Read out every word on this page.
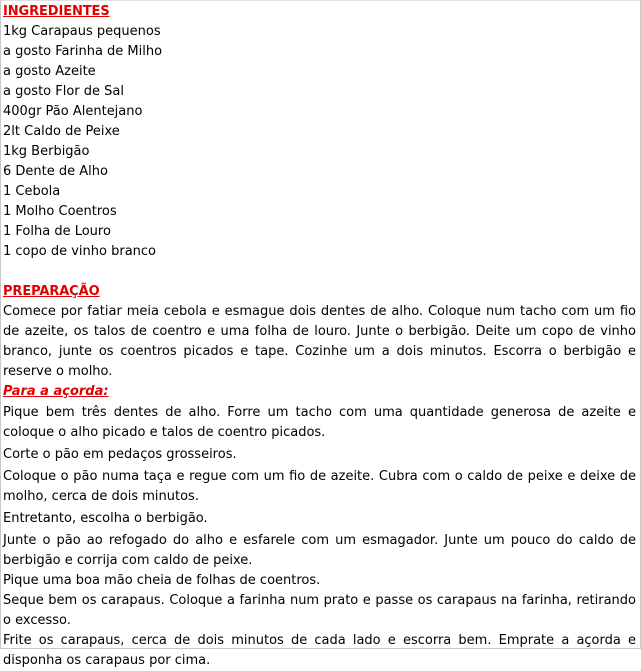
INGREDIENTES

1kg Carapaus pequenos
a gosto Farinha de Milho
a gosto Azeite
a gosto Flor de Sal
400gr Pão Alentejano
2lt Caldo de Peixe
1kg Berbigão
6 Dente de Alho
1 Cebola
1 Molho Coentros
1 Folha de Louro
1 copo de vinho branco

PREPARAÇÃO

Comece por fatiar meia cebola e esmague dois dentes de alho. Coloque num tacho com um fio de azeite, os talos de coentro e uma folha de louro. Junte o berbigão. Deite um copo de vinho branco, junte os coentros picados e tape. Cozinhe um a dois minutos. Escorra o berbigão e reserve o molho.

Para a açorda:

Pique bem três dentes de alho. Forre um tacho com uma quantidade generosa de azeite e coloque o alho picado e talos de coentro picados.

Corte o pão em pedaços grosseiros.

Coloque o pão numa taça e regue com um fio de azeite. Cubra com o caldo de peixe e deixe de molho, cerca de dois minutos.

Entretanto, escolha o berbigão.

Junte o pão ao refogado do alho e esfarele com um esmagador. Junte um pouco do caldo de berbigão e corrija com caldo de peixe.

Pique uma boa mão cheia de folhas de coentros.

Seque bem os carapaus. Coloque a farinha num prato e passe os carapaus na farinha, retirando o excesso.

Frite os carapaus, cerca de dois minutos de cada lado e escorra bem. Emprate a açorda e disponha os carapaus por cima.
